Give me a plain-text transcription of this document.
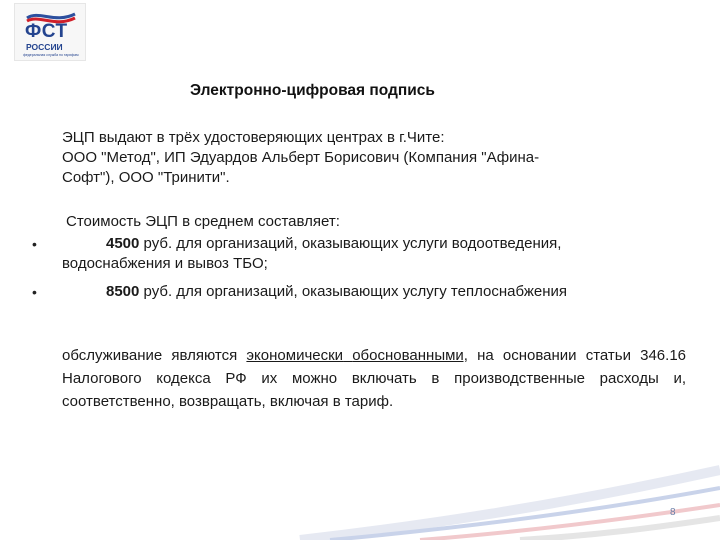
ФСТ
РОССИИ
федеральная служба по тарифам
Электронно-цифровая подпись
ЭЦП выдают в трёх удостоверяющих центрах в г.Чите:
ООО "Метод", ИП Эдуардов Альберт Борисович (Компания "Афина-
Софт"), ООО "Тринити".
Стоимость ЭЦП в среднем составляет:
•	4500 руб. для организаций, оказывающих услуги водоотведения,
водоснабжения и вывоз ТБО;
•	8500 руб. для организаций, оказывающих услугу теплоснабжения
обслуживание являются экономически обоснованными, на основании статьи 346.16 Налогового кодекса РФ их можно включать в производственные расходы и, соответственно, возвращать, включая в тариф.
8
